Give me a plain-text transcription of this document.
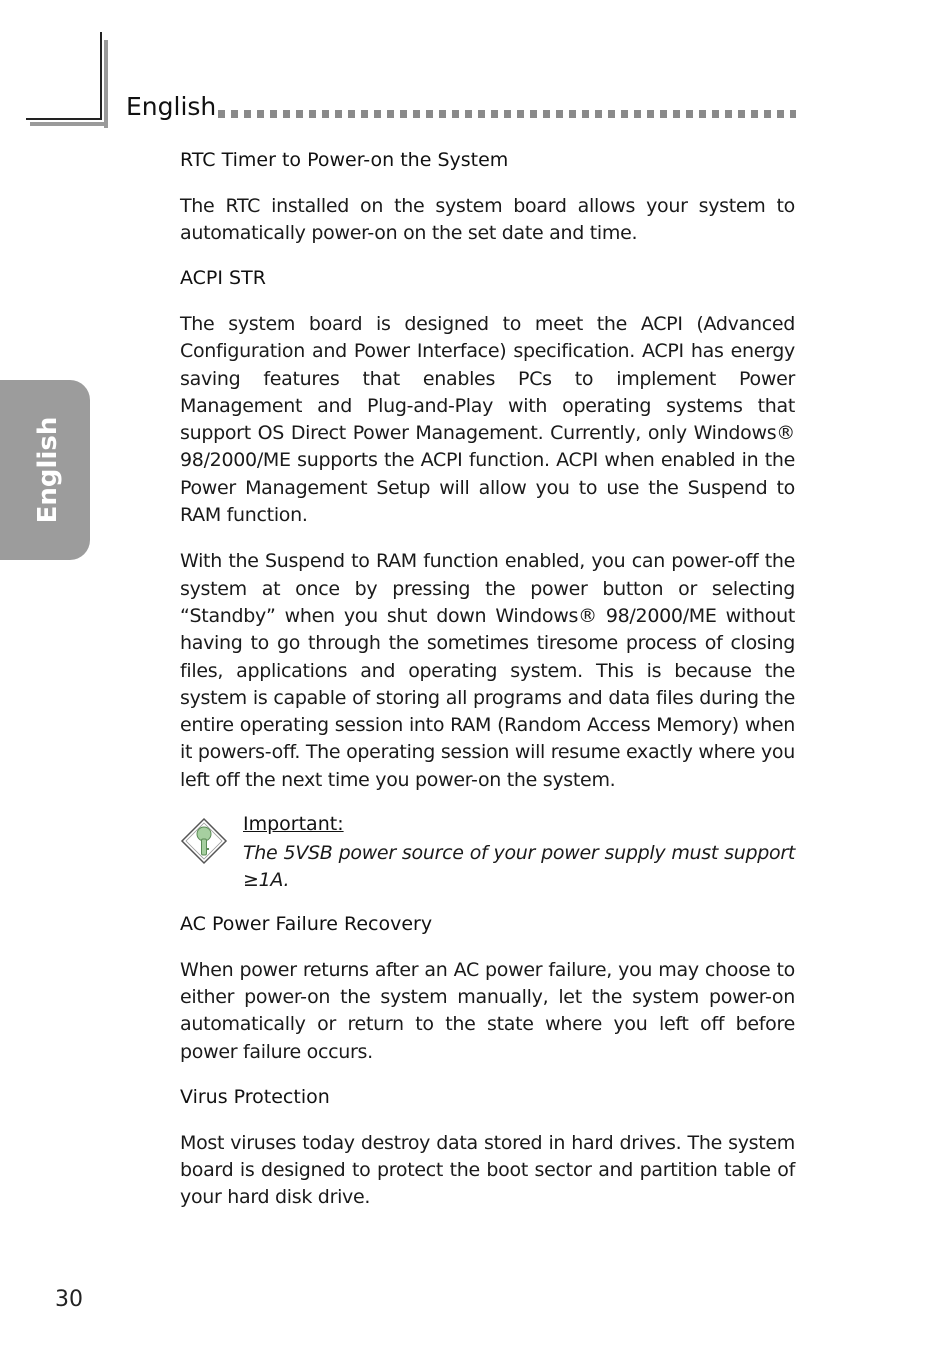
English
English
RTC Timer to Power-on the System

The RTC installed on the system board allows your system to automatically power-on on the set date and time.

ACPI STR

The system board is designed to meet the ACPI (Advanced Configuration and Power Interface) specification. ACPI has energy saving features that enables PCs to implement Power Management and Plug-and-Play with operating systems that support OS Direct Power Management. Currently, only Windows® 98/2000/ME supports the ACPI function. ACPI when enabled in the Power Management Setup will allow you to use the Suspend to RAM function.

With the Suspend to RAM function enabled, you can power-off the system at once by pressing the power button or selecting “Standby” when you shut down Windows® 98/2000/ME without having to go through the sometimes tiresome process of closing files, applications and operating system. This is because the system is capable of storing all programs and data files during the entire operating session into RAM (Random Access Memory) when it powers-off. The operating session will resume exactly where you left off the next time you power-on the system.

Important:
The 5VSB power source of your power supply must support ≥1A.
AC Power Failure Recovery

When power returns after an AC power failure, you may choose to either power-on the system manually, let the system power-on automatically or return to the state where you left off before power failure occurs.

Virus Protection

Most viruses today destroy data stored in hard drives. The system board is designed to protect the boot sector and partition table of your hard disk drive.

30
